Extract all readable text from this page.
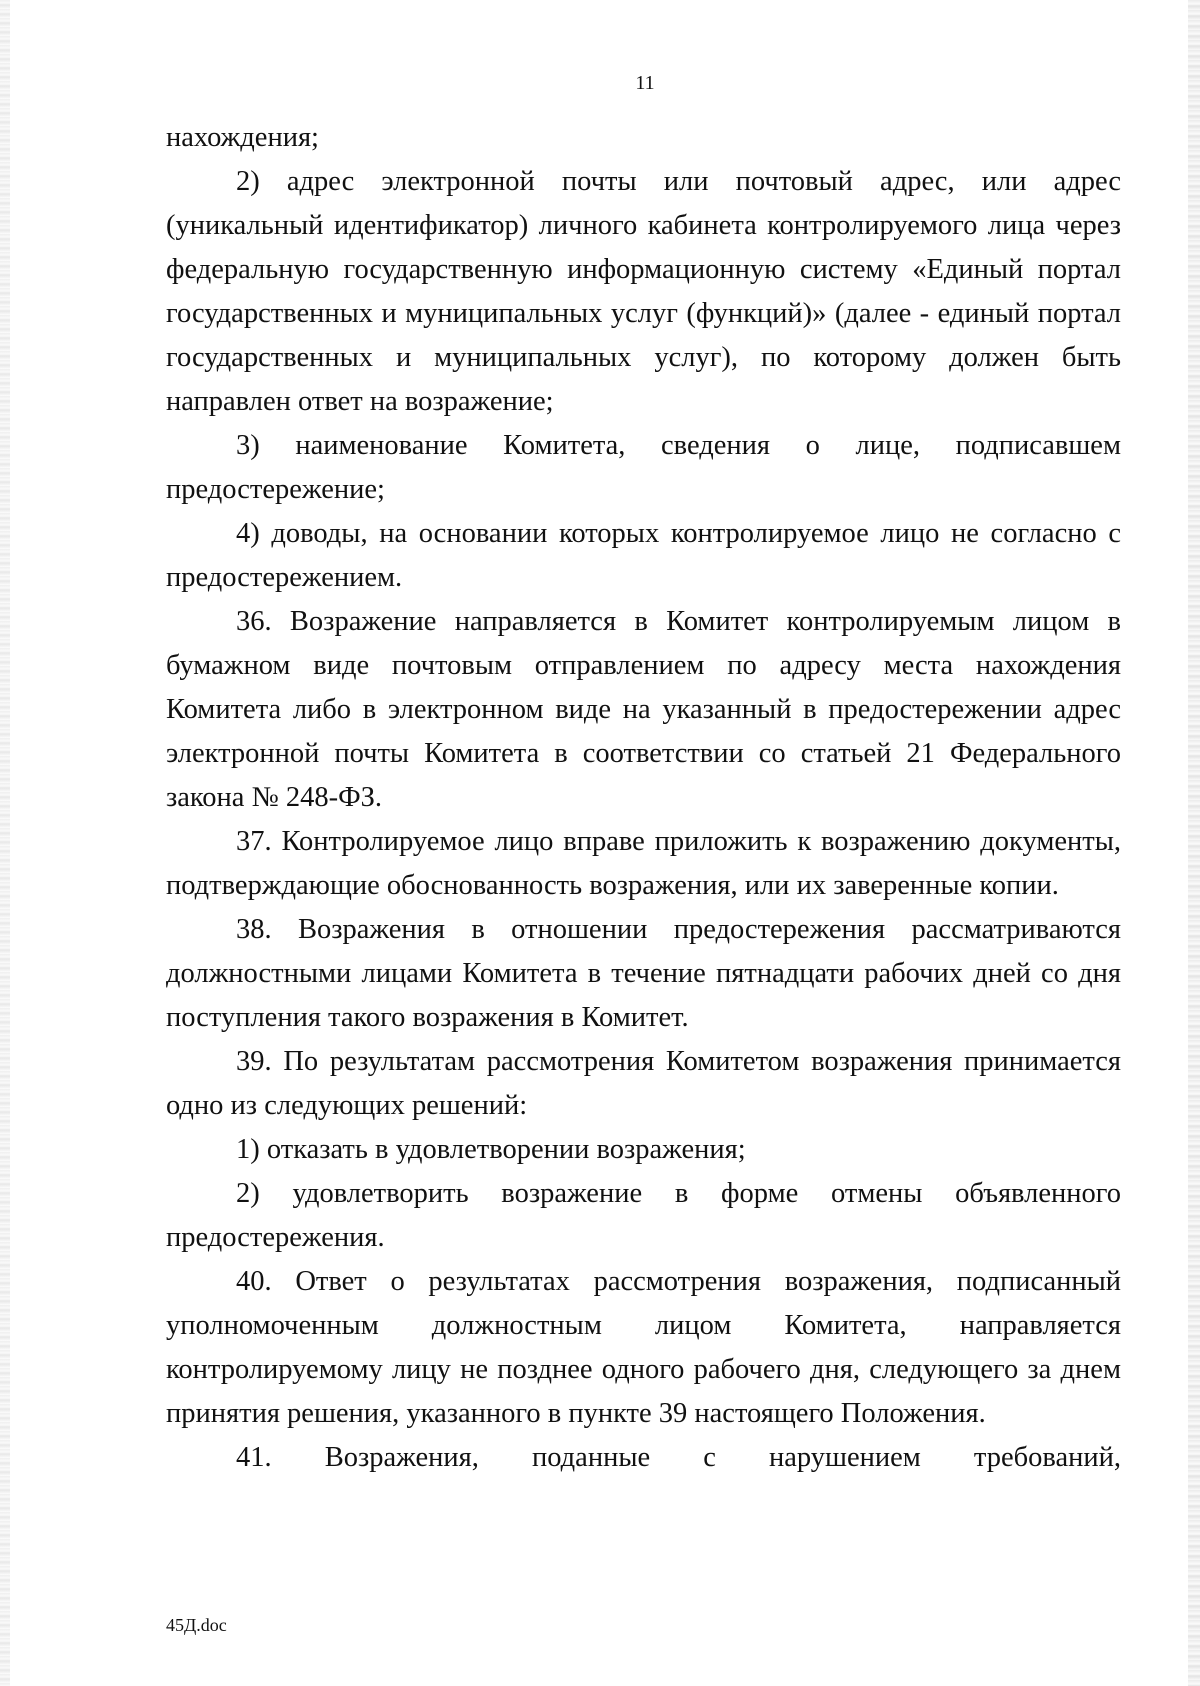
11

нахождения;

2) адрес электронной почты или почтовый адрес, или адрес (уникальный идентификатор) личного кабинета контролируемого лица через федеральную государственную информационную систему «Единый портал государственных и муниципальных услуг (функций)» (далее - единый портал государственных и муниципальных услуг), по которому должен быть направлен ответ на возражение;

3) наименование Комитета, сведения о лице, подписавшем предостережение;

4) доводы, на основании которых контролируемое лицо не согласно с предостережением.

36. Возражение направляется в Комитет контролируемым лицом в бумажном виде почтовым отправлением по адресу места нахождения Комитета либо в электронном виде на указанный в предостережении адрес электронной почты Комитета в соответствии со статьей 21 Федерального закона № 248-ФЗ.

37. Контролируемое лицо вправе приложить к возражению документы, подтверждающие обоснованность возражения, или их заверенные копии.

38. Возражения в отношении предостережения рассматриваются должностными лицами Комитета в течение пятнадцати рабочих дней со дня поступления такого возражения в Комитет.

39. По результатам рассмотрения Комитетом возражения принимается одно из следующих решений:

1) отказать в удовлетворении возражения;

2) удовлетворить возражение в форме отмены объявленного предостережения.

40. Ответ о результатах рассмотрения возражения, подписанный уполномоченным должностным лицом Комитета, направляется контролируемому лицу не позднее одного рабочего дня, следующего за днем принятия решения, указанного в пункте 39 настоящего Положения.

41. Возражения, поданные с нарушением требований,

45Д.doc
